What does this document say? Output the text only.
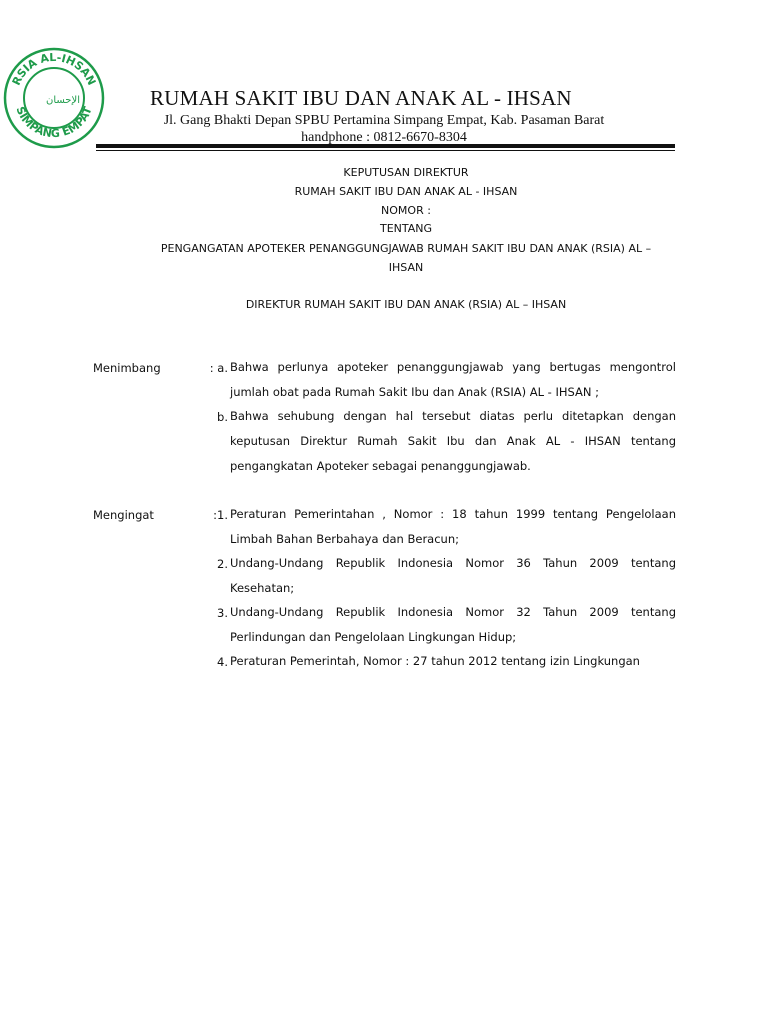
RSIA AL-IHSAN
SIMPANG EMPAT
الإحسان	RUMAH SAKIT IBU DAN ANAK AL - IHSAN
Jl. Gang Bhakti Depan SPBU Pertamina Simpang Empat, Kab. Pasaman Barat
handphone : 0812-6670-8304
KEPUTUSAN DIREKTUR
RUMAH SAKIT IBU DAN ANAK AL - IHSAN
NOMOR :
TENTANG
PENGANGATAN APOTEKER PENANGGUNGJAWAB RUMAH SAKIT IBU DAN ANAK (RSIA) AL –
IHSAN
DIREKTUR RUMAH SAKIT IBU DAN ANAK (RSIA) AL – IHSAN
Menimbang	: a. Bahwa perlunya apoteker penanggungjawab yang bertugas mengontrol jumlah obat pada Rumah Sakit Ibu dan Anak (RSIA) AL - IHSAN ;
b. Bahwa sehubung dengan hal tersebut diatas perlu ditetapkan dengan keputusan Direktur Rumah Sakit Ibu dan Anak AL - IHSAN tentang pengangkatan Apoteker sebagai penanggungjawab.
Mengingat	:1. Peraturan Pemerintahan , Nomor : 18 tahun 1999 tentang Pengelolaan Limbah Bahan Berbahaya dan Beracun;
2. Undang-Undang Republik Indonesia Nomor 36 Tahun 2009 tentang Kesehatan;
3. Undang-Undang Republik Indonesia Nomor 32 Tahun 2009 tentang Perlindungan dan Pengelolaan Lingkungan Hidup;
4. Peraturan Pemerintah, Nomor : 27 tahun 2012 tentang izin Lingkungan
